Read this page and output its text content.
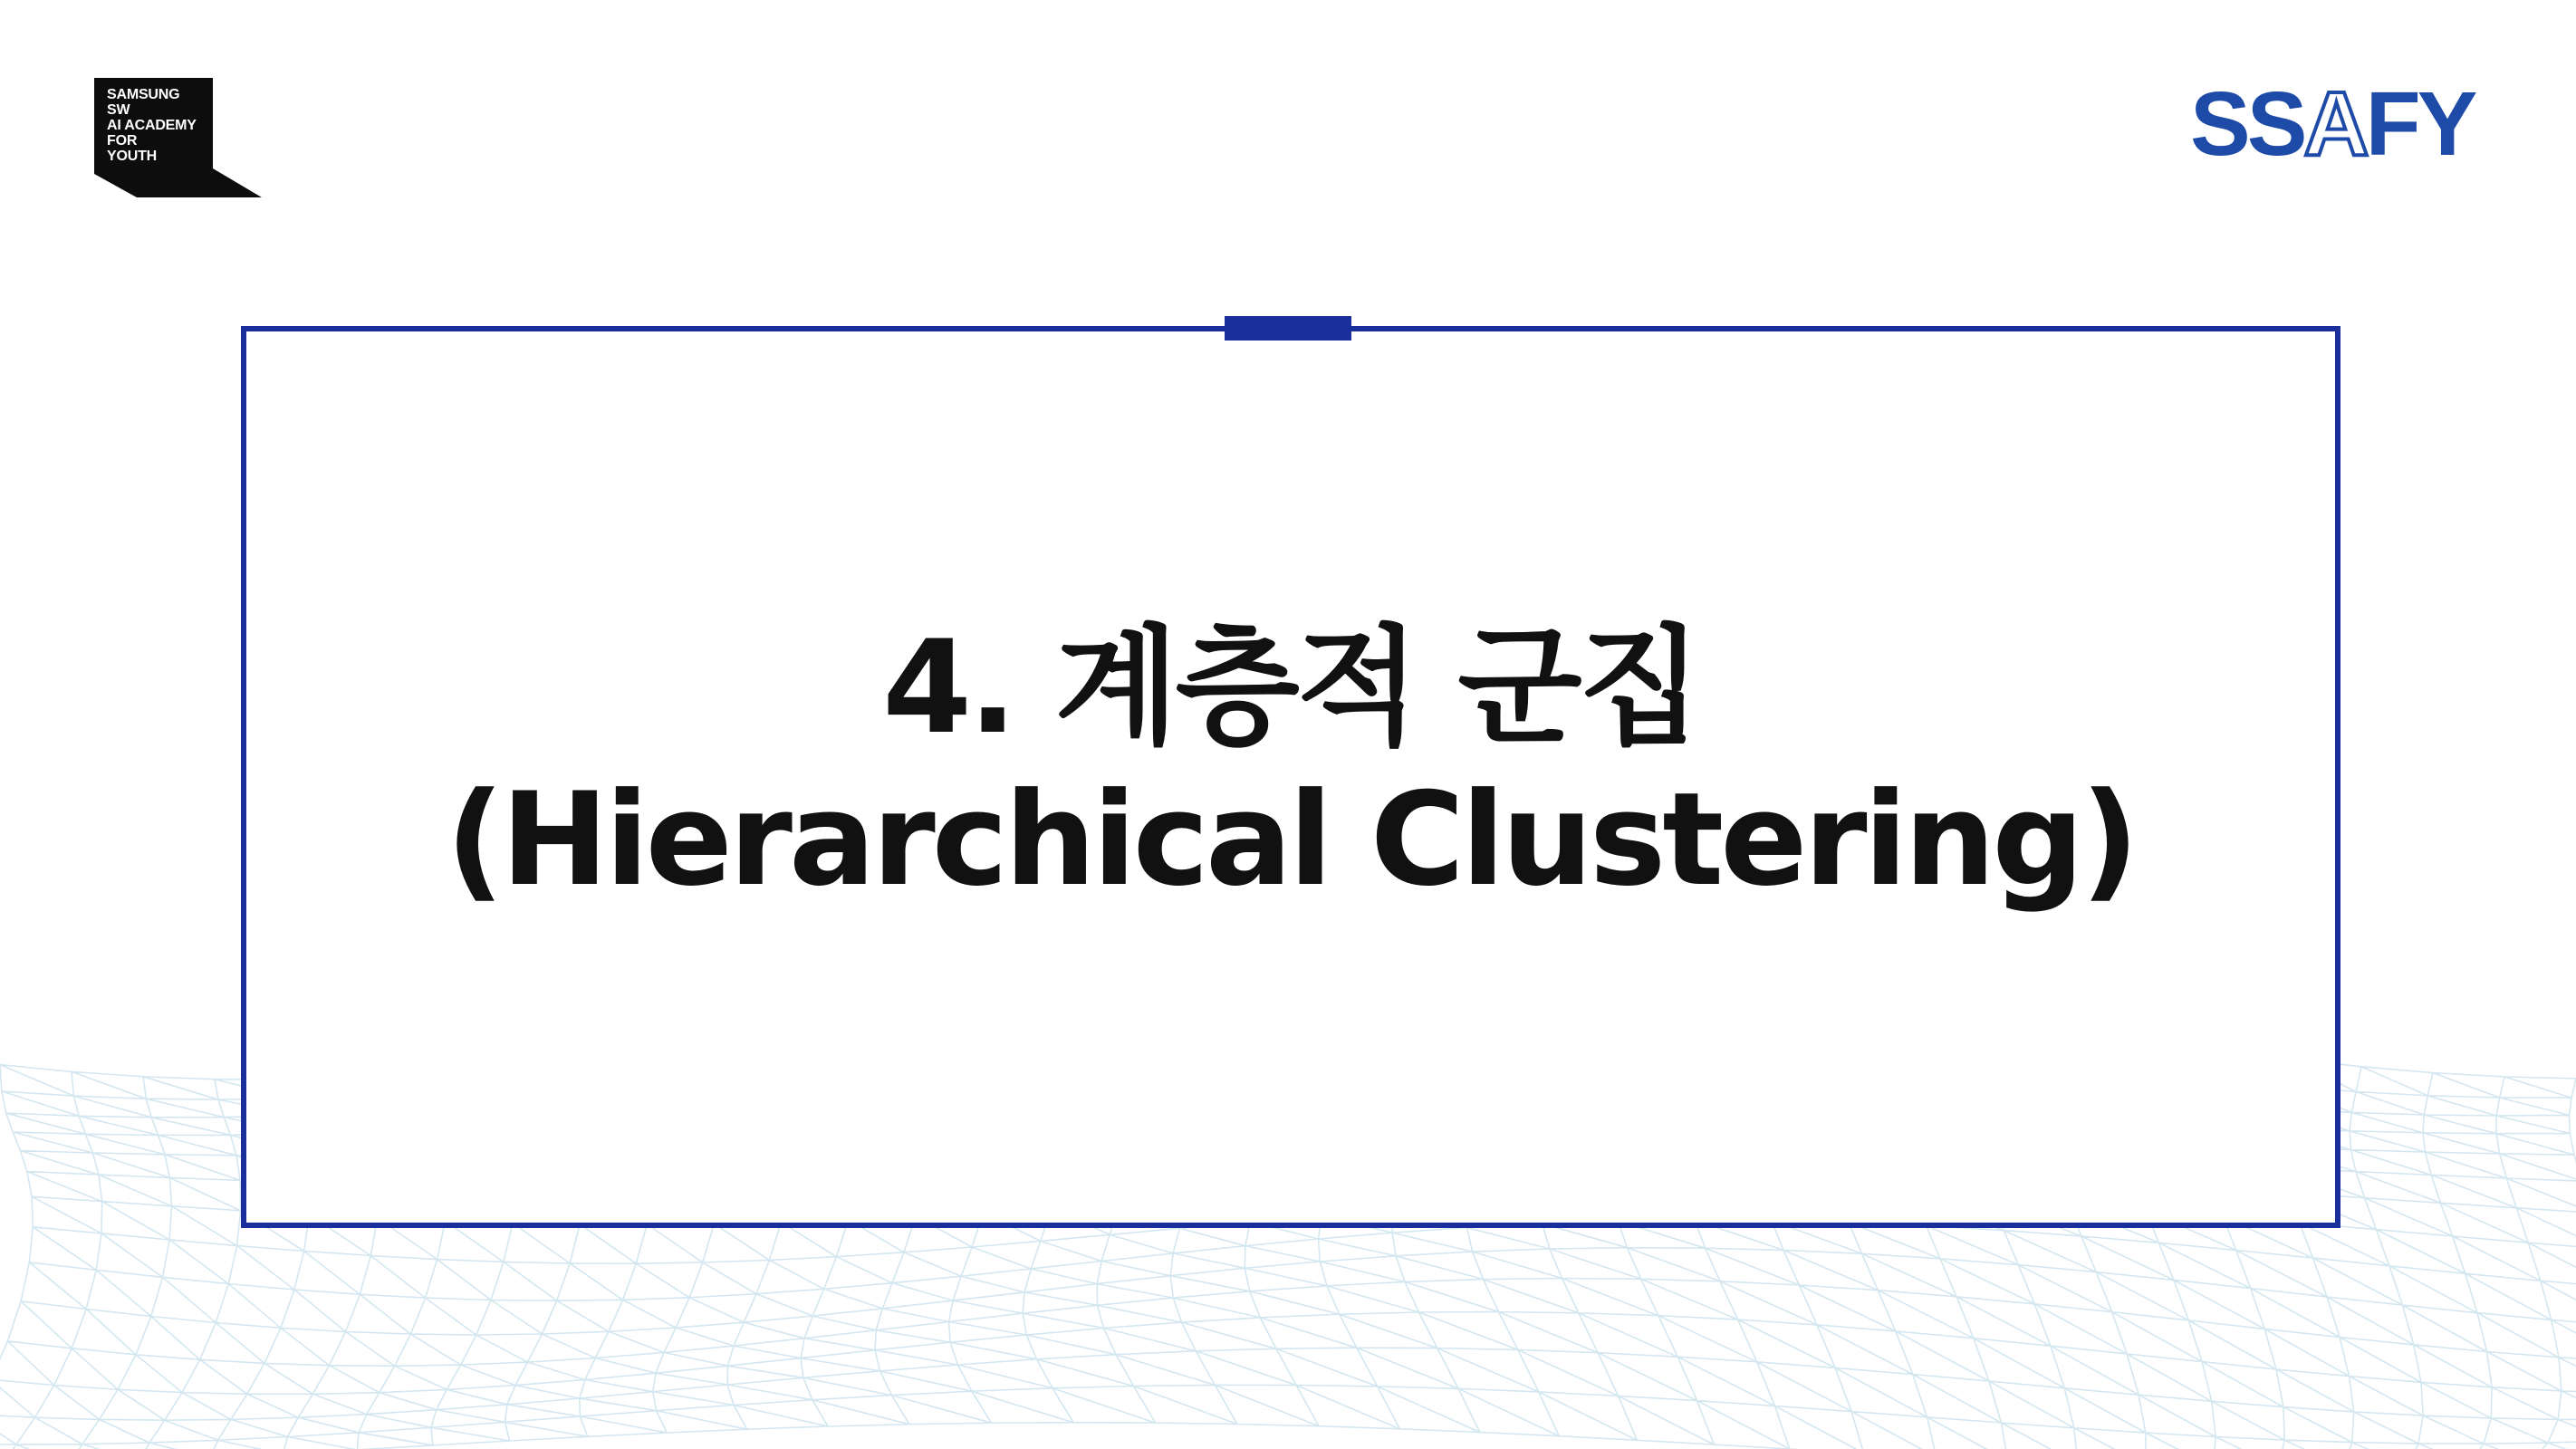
SAMSUNG
SW
AI ACADEMY
FOR
YOUTH	SSAFY
4. 계층적 군집
(Hierarchical Clustering)
